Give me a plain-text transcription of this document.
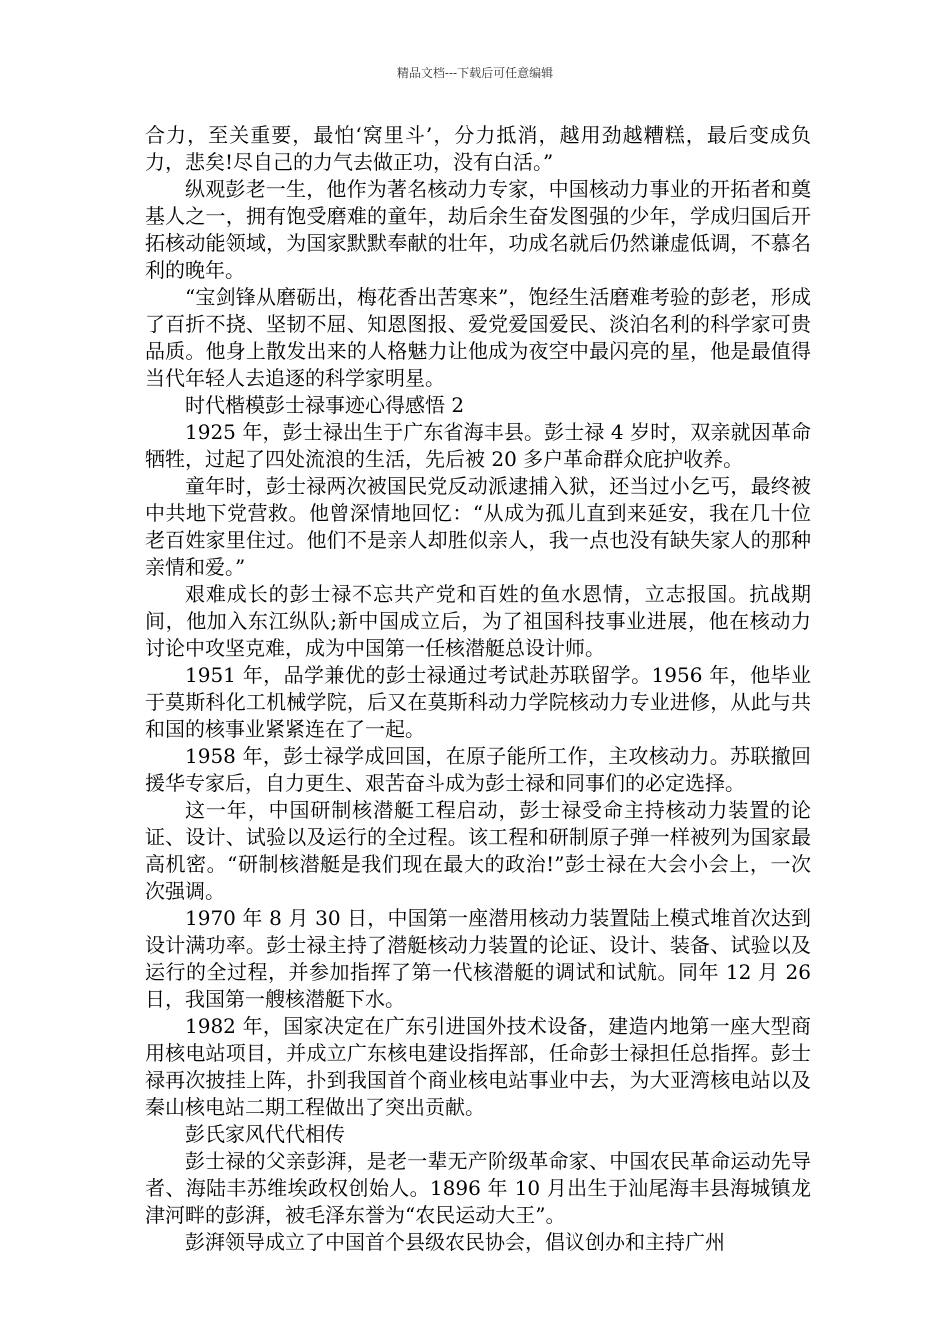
精品文档---下载后可任意编辑

合力，至关重要，最怕‘窝里斗’，分力抵消，越用劲越糟糕，最后变成负力，悲矣!尽自己的力气去做正功，没有白活。”

纵观彭老一生，他作为著名核动力专家，中国核动力事业的开拓者和奠基人之一，拥有饱受磨难的童年，劫后余生奋发图强的少年，学成归国后开拓核动能领域，为国家默默奉献的壮年，功成名就后仍然谦虚低调，不慕名利的晚年。

“宝剑锋从磨砺出，梅花香出苦寒来”，饱经生活磨难考验的彭老，形成了百折不挠、坚韧不屈、知恩图报、爱党爱国爱民、淡泊名利的科学家可贵品质。他身上散发出来的人格魅力让他成为夜空中最闪亮的星，他是最值得当代年轻人去追逐的科学家明星。

时代楷模彭士禄事迹心得感悟 2

1925 年，彭士禄出生于广东省海丰县。彭士禄 4 岁时，双亲就因革命牺牲，过起了四处流浪的生活，先后被 20 多户革命群众庇护收养。

童年时，彭士禄两次被国民党反动派逮捕入狱，还当过小乞丐，最终被中共地下党营救。他曾深情地回忆：“从成为孤儿直到来延安，我在几十位老百姓家里住过。他们不是亲人却胜似亲人，我一点也没有缺失家人的那种亲情和爱。”

艰难成长的彭士禄不忘共产党和百姓的鱼水恩情，立志报国。抗战期间，他加入东江纵队;新中国成立后，为了祖国科技事业进展，他在核动力讨论中攻坚克难，成为中国第一任核潜艇总设计师。

1951 年，品学兼优的彭士禄通过考试赴苏联留学。1956 年，他毕业于莫斯科化工机械学院，后又在莫斯科动力学院核动力专业进修，从此与共和国的核事业紧紧连在了一起。

1958 年，彭士禄学成回国，在原子能所工作，主攻核动力。苏联撤回援华专家后，自力更生、艰苦奋斗成为彭士禄和同事们的必定选择。

这一年，中国研制核潜艇工程启动，彭士禄受命主持核动力装置的论证、设计、试验以及运行的全过程。该工程和研制原子弹一样被列为国家最高机密。“研制核潜艇是我们现在最大的政治!”彭士禄在大会小会上，一次次强调。

1970 年 8 月 30 日，中国第一座潜用核动力装置陆上模式堆首次达到设计满功率。彭士禄主持了潜艇核动力装置的论证、设计、装备、试验以及运行的全过程，并参加指挥了第一代核潜艇的调试和试航。同年 12 月 26 日，我国第一艘核潜艇下水。

1982 年，国家决定在广东引进国外技术设备，建造内地第一座大型商用核电站项目，并成立广东核电建设指挥部，任命彭士禄担任总指挥。彭士禄再次披挂上阵，扑到我国首个商业核电站事业中去，为大亚湾核电站以及秦山核电站二期工程做出了突出贡献。

彭氏家风代代相传

彭士禄的父亲彭湃，是老一辈无产阶级革命家、中国农民革命运动先导者、海陆丰苏维埃政权创始人。1896 年 10 月出生于汕尾海丰县海城镇龙津河畔的彭湃，被毛泽东誉为“农民运动大王”。

彭湃领导成立了中国首个县级农民协会，倡议创办和主持广州
